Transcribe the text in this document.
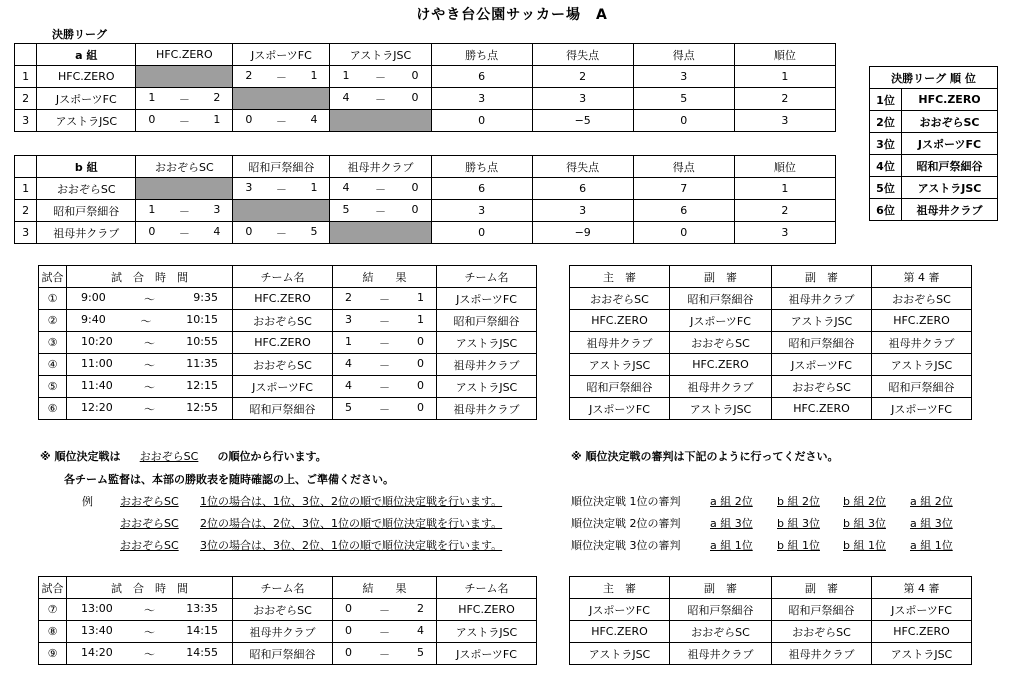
けやき台公園サッカー場　A
決勝リーグ
	a 組	HFC.ZERO	JスポーツFC	アストラJSC	勝ち点	得失点	得点	順位
1	HFC.ZERO		2 － 1	1 － 0	6	2	3	1
2	JスポーツFC	1 － 2		4 － 0	3	3	5	2
3	アストラJSC	0 － 1	0 － 4		0	−5	0	3
	b 組	おおぞらSC	昭和戸祭細谷	祖母井クラブ	勝ち点	得失点	得点	順位
1	おおぞらSC		3 － 1	4 － 0	6	6	7	1
2	昭和戸祭細谷	1 － 3		5 － 0	3	3	6	2
3	祖母井クラブ	0 － 4	0 － 5		0	−9	0	3
決勝リーグ 順 位	
1位	HFC.ZERO
2位	おおぞらSC
3位	JスポーツFC
4位	昭和戸祭細谷
5位	アストラJSC
6位	祖母井クラブ
試合	試　合　時　間	チーム名	結　　果	チーム名
①	9:00 〜 9:35	HFC.ZERO	2 － 1	JスポーツFC
②	9:40 〜 10:15	おおぞらSC	3 － 1	昭和戸祭細谷
③	10:20 〜 10:55	HFC.ZERO	1 － 0	アストラJSC
④	11:00 〜 11:35	おおぞらSC	4 － 0	祖母井クラブ
⑤	11:40 〜 12:15	JスポーツFC	4 － 0	アストラJSC
⑥	12:20 〜 12:55	昭和戸祭細谷	5 － 0	祖母井クラブ
主　審	副　審	副　審	第 4 審
おおぞらSC	昭和戸祭細谷	祖母井クラブ	おおぞらSC
HFC.ZERO	JスポーツFC	アストラJSC	HFC.ZERO
祖母井クラブ	おおぞらSC	昭和戸祭細谷	祖母井クラブ
アストラJSC	HFC.ZERO	JスポーツFC	アストラJSC
昭和戸祭細谷	祖母井クラブ	おおぞらSC	昭和戸祭細谷
JスポーツFC	アストラJSC	HFC.ZERO	JスポーツFC
※ 順位決定戦は おおぞらSC の順位から行います。
各チーム監督は、本部の勝敗表を随時確認の上、ご準備ください。
例 おおぞらSC 1位の場合は、1位、3位、2位の順で順位決定戦を行います。
おおぞらSC 2位の場合は、2位、3位、1位の順で順位決定戦を行います。
おおぞらSC 3位の場合は、3位、2位、1位の順で順位決定戦を行います。
※ 順位決定戦の審判は下記のように行ってください。
順位決定戦 1位の審判	a 組 2位 b 組 2位 b 組 2位 a 組 2位
順位決定戦 2位の審判	a 組 3位 b 組 3位 b 組 3位 a 組 3位
順位決定戦 3位の審判	a 組 1位 b 組 1位 b 組 1位 a 組 1位
試合	試　合　時　間	チーム名	結　　果	チーム名
⑦	13:00 〜 13:35	おおぞらSC	0 － 2	HFC.ZERO
⑧	13:40 〜 14:15	祖母井クラブ	0 － 4	アストラJSC
⑨	14:20 〜 14:55	昭和戸祭細谷	0 － 5	JスポーツFC
主　審	副　審	副　審	第 4 審
JスポーツFC	昭和戸祭細谷	昭和戸祭細谷	JスポーツFC
HFC.ZERO	おおぞらSC	おおぞらSC	HFC.ZERO
アストラJSC	祖母井クラブ	祖母井クラブ	アストラJSC
